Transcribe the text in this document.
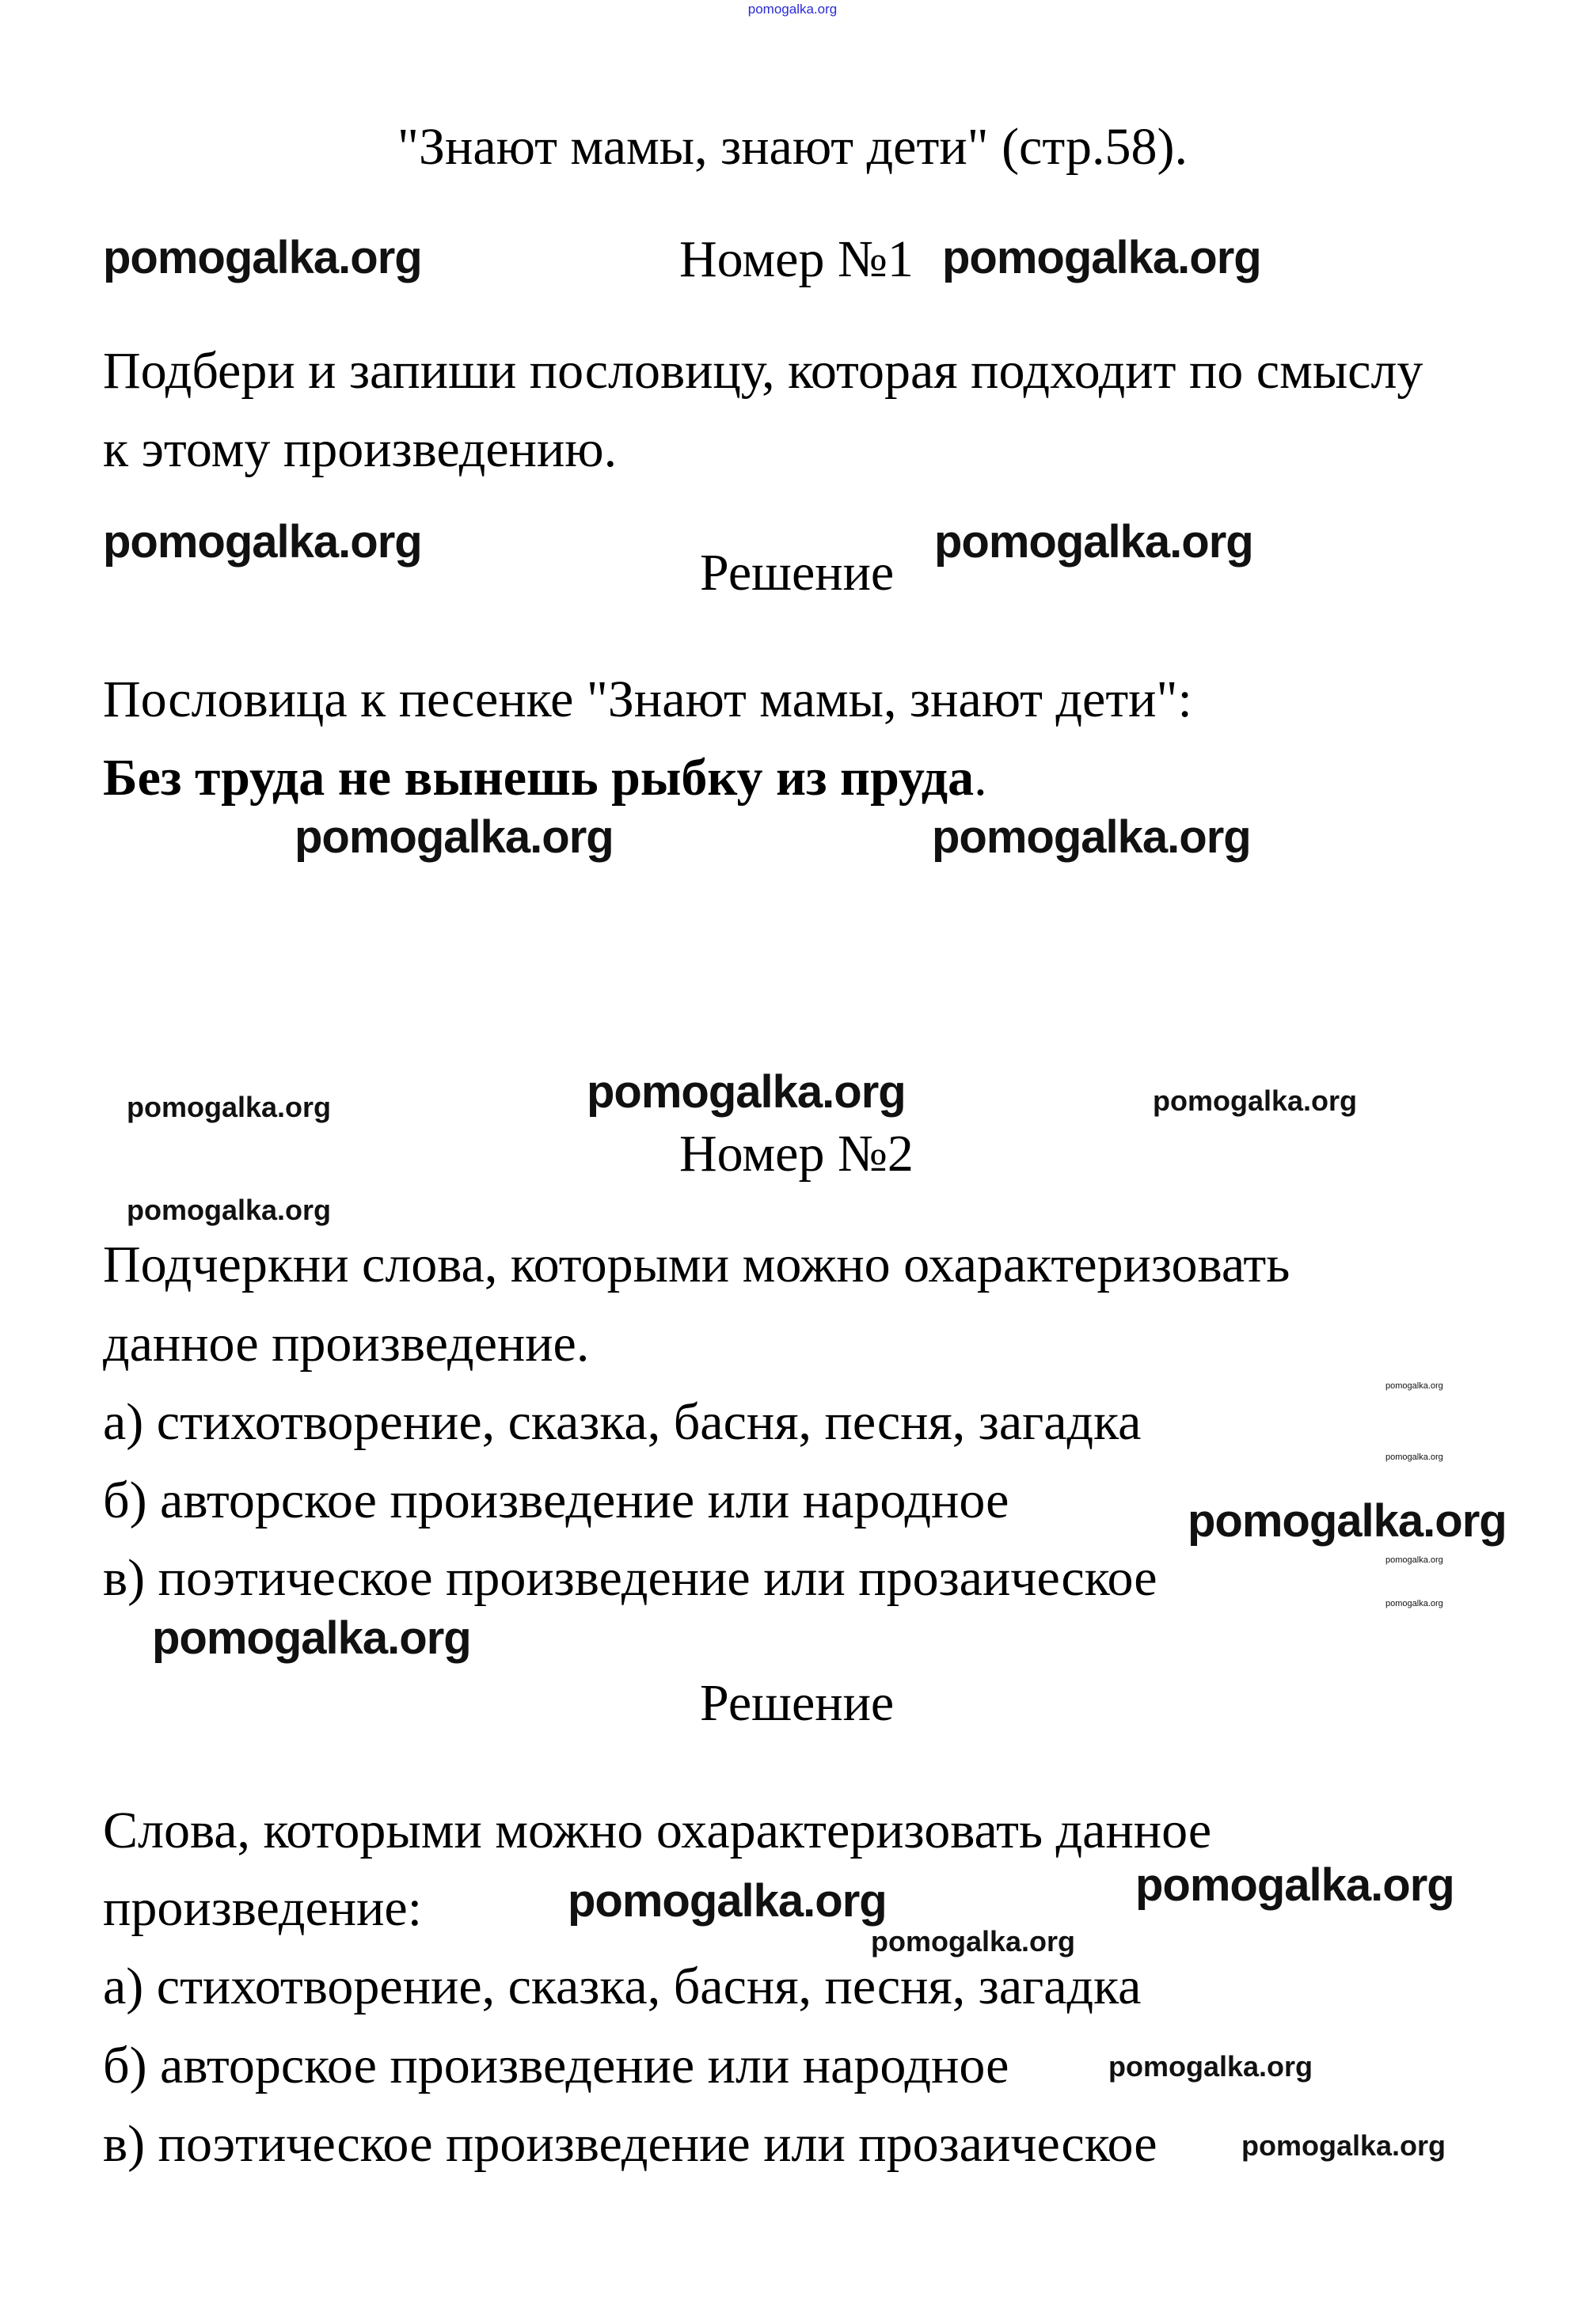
pomogalka.org
"Знают мамы, знают дети" (стр.58).
pomogalka.org	Номер №1 pomogalka.org
Подбери и запиши пословицу, которая подходит по смыслу
к этому произведению.
pomogalka.org
Решение
pomogalka.org
Пословица к песенке "Знают мамы, знают дети":
Без труда не вынешь рыбку из пруда.
pomogalka.org	pomogalka.org
pomogalka.org	pomogalka.org	pomogalka.org
Номер №2
pomogalka.org
Подчеркни слова, которыми можно охарактеризовать
данное произведение.
а) стихотворение, сказка, басня, песня, загадка
б) авторское произведение или народное
в) поэтическое произведение или прозаическое
pomogalka.org
pomogalka.org
pomogalka.org
pomogalka.org
pomogalka.org
pomogalka.org
Решение
Слова, которыми можно охарактеризовать данное
pomogalka.org
произведение:	pomogalka.org
pomogalka.org
а) стихотворение, сказка, басня, песня, загадка
б) авторское произведение или народное	pomogalka.org
в) поэтическое произведение или прозаическое	pomogalka.org
